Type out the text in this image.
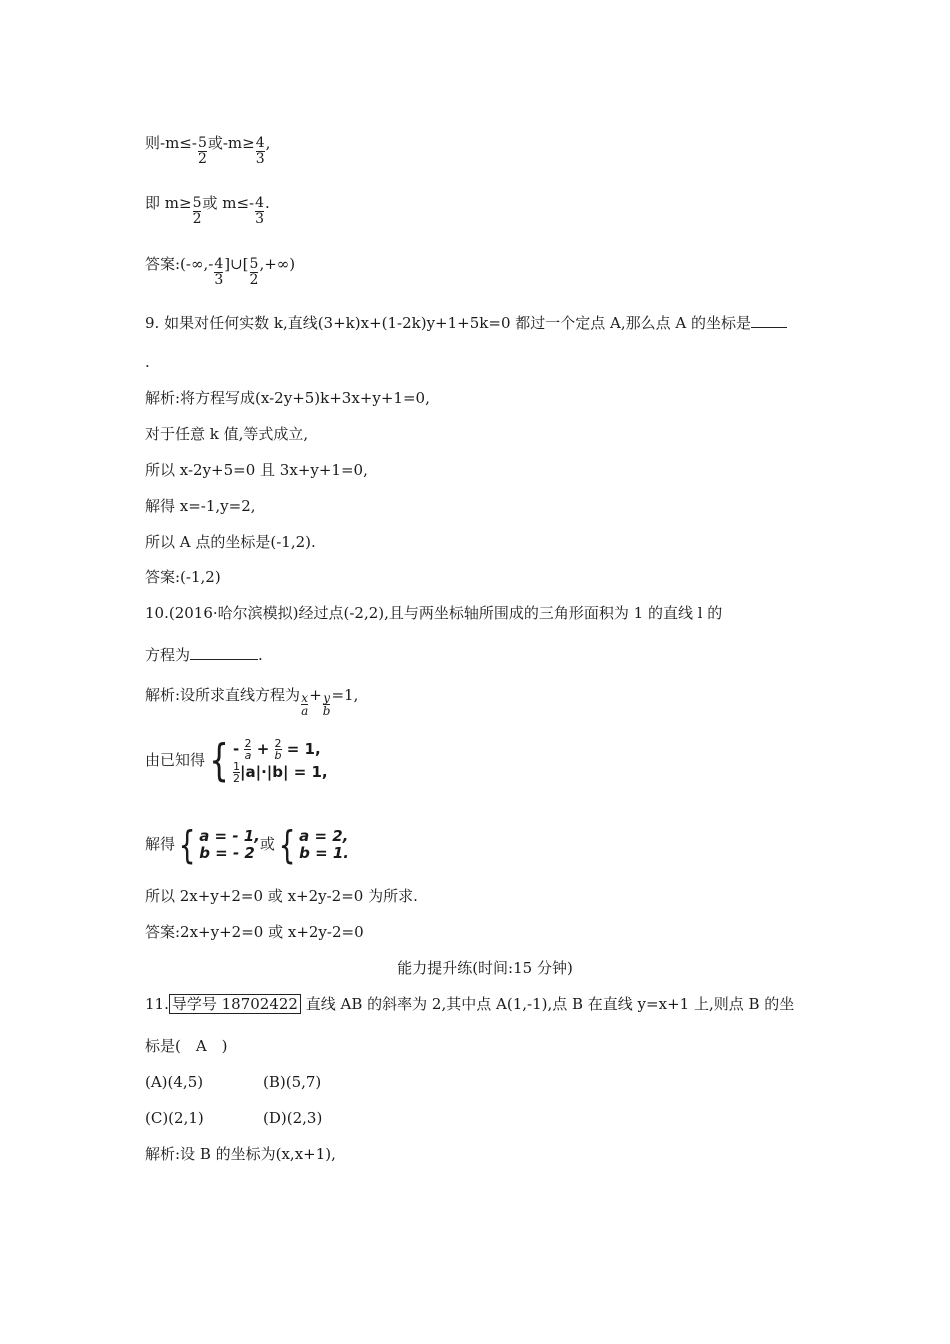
则$-m\le- \frac{5}{2}$ 或$-m\ge \frac{4}{3}$ ,
即 $m\ge \frac{5}{2}$ 或 $m\le- \frac{4}{3}$ .
答案:(-∞,- $\frac{4}{3}$ ]∪[ $\frac{5}{2}$ ,+∞)
9. 如果对任何实数 k,直线(3+k)x+(1-2k)y+1+5k=0 都过一个定点 A,那么点 A 的坐标是
.
解析:将方程写成(x-2y+5)k+3x+y+1=0,
对于任意 k 值,等式成立,
所以 x-2y+5=0 且 3x+y+1=0,
解得 x=-1,y=2,
所以 A 点的坐标是(-1,2).
答案:(-1,2)
10.(2016·哈尔滨模拟)经过点(-2,2),且与两坐标轴所围成的三角形面积为 1 的直线 l 的
方程为	.
解析:设所求直线方程为 $\frac{x}{a} + \frac{y}{b} =1$,
由已知得{ - $\frac{2}{a} + \frac{2}{b} = 1$,
$\frac{1}{2} |a|\cdot|b| = 1$,
解得{ a = - 1,
b = - 2 或{ a = 2,
b = 1.
所以 2x+y+2=0 或 x+2y-2=0 为所求.
答案:2x+y+2=0 或 x+2y-2=0
能力提升练(时间:15 分钟)
11. 导学号 18702422 直线 AB 的斜率为 2,其中点 A(1,-1),点 B 在直线 y=x+1 上,则点 B 的坐
标是(　A　)
(A)(4,5)	(B)(5,7)
(C)(2,1)	(D)(2,3)
解析:设 B 的坐标为(x,x+1),
